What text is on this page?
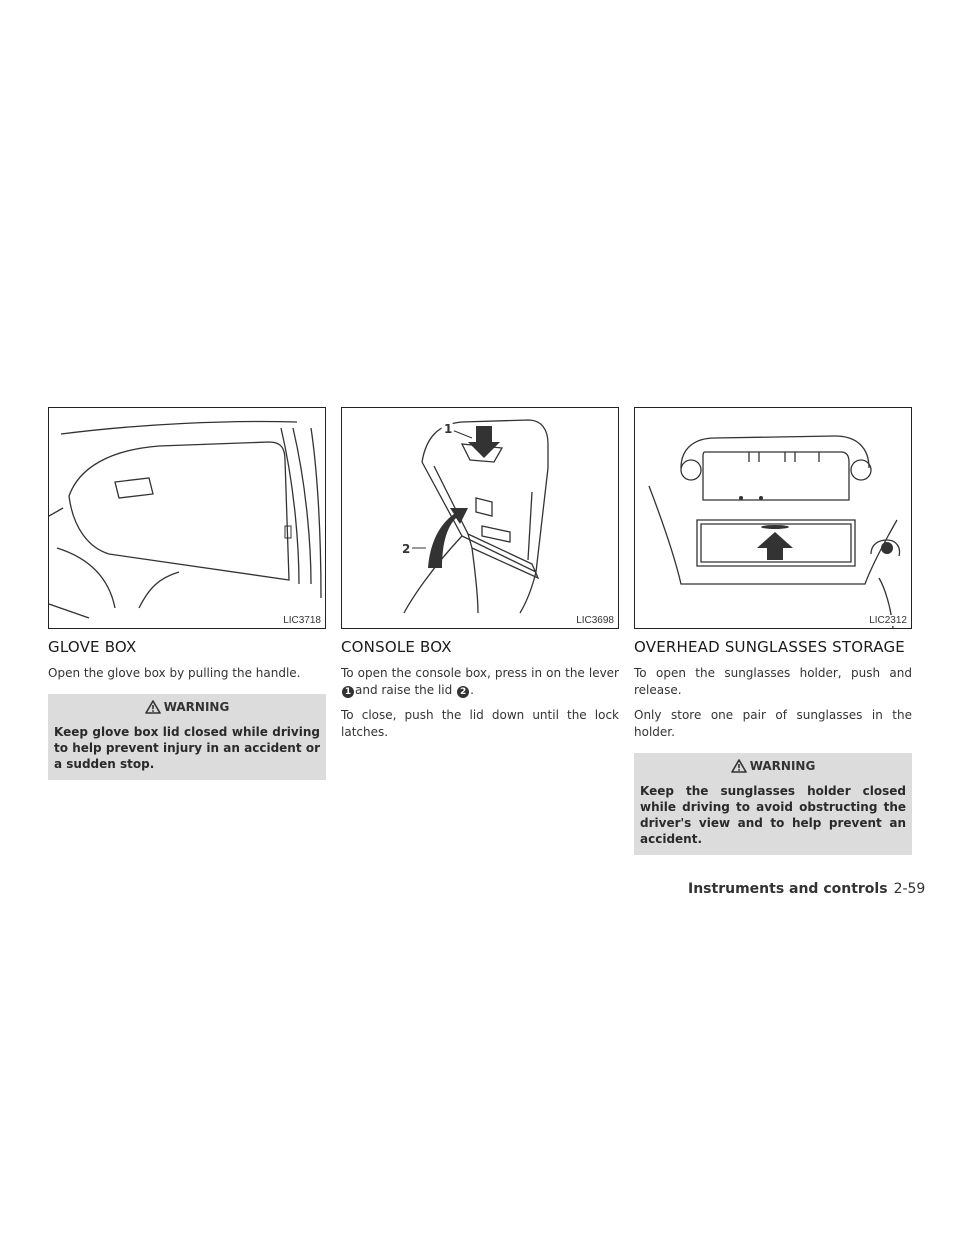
LIC3718
GLOVE BOX

Open the glove box by pulling the handle.

WARNING
Keep glove box lid closed while driving to help prevent injury in an accident or a sudden stop.
1
2
LIC3698
CONSOLE BOX

To open the console box, press in on the lever 1 and raise the lid 2 .

To close, push the lid down until the lock latches.

LIC2312
OVERHEAD SUNGLASSES STORAGE

To open the sunglasses holder, push and release.

Only store one pair of sunglasses in the holder.

WARNING
Keep the sunglasses holder closed while driving to avoid obstructing the driver's view and to help prevent an accident.
Instruments and controls 2-59
